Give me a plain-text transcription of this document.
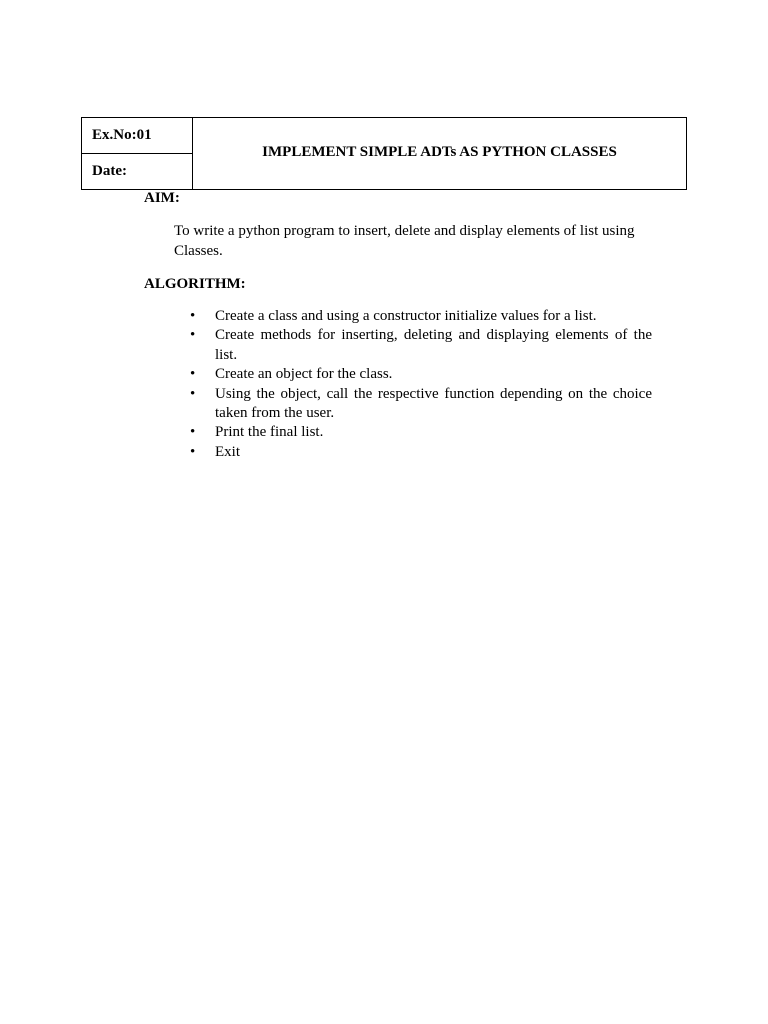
Ex.No:01
Date:
IMPLEMENT SIMPLE ADTs AS PYTHON CLASSES
AIM:

To write a python program to insert, delete and display elements of list using Classes.

ALGORITHM:
• Create a class and using a constructor initialize values for a list.
• Create methods for inserting, deleting and displaying elements of the list.
• Create an object for the class.
• Using the object, call the respective function depending on the choice taken from the user.
• Print the final list.
• Exit
